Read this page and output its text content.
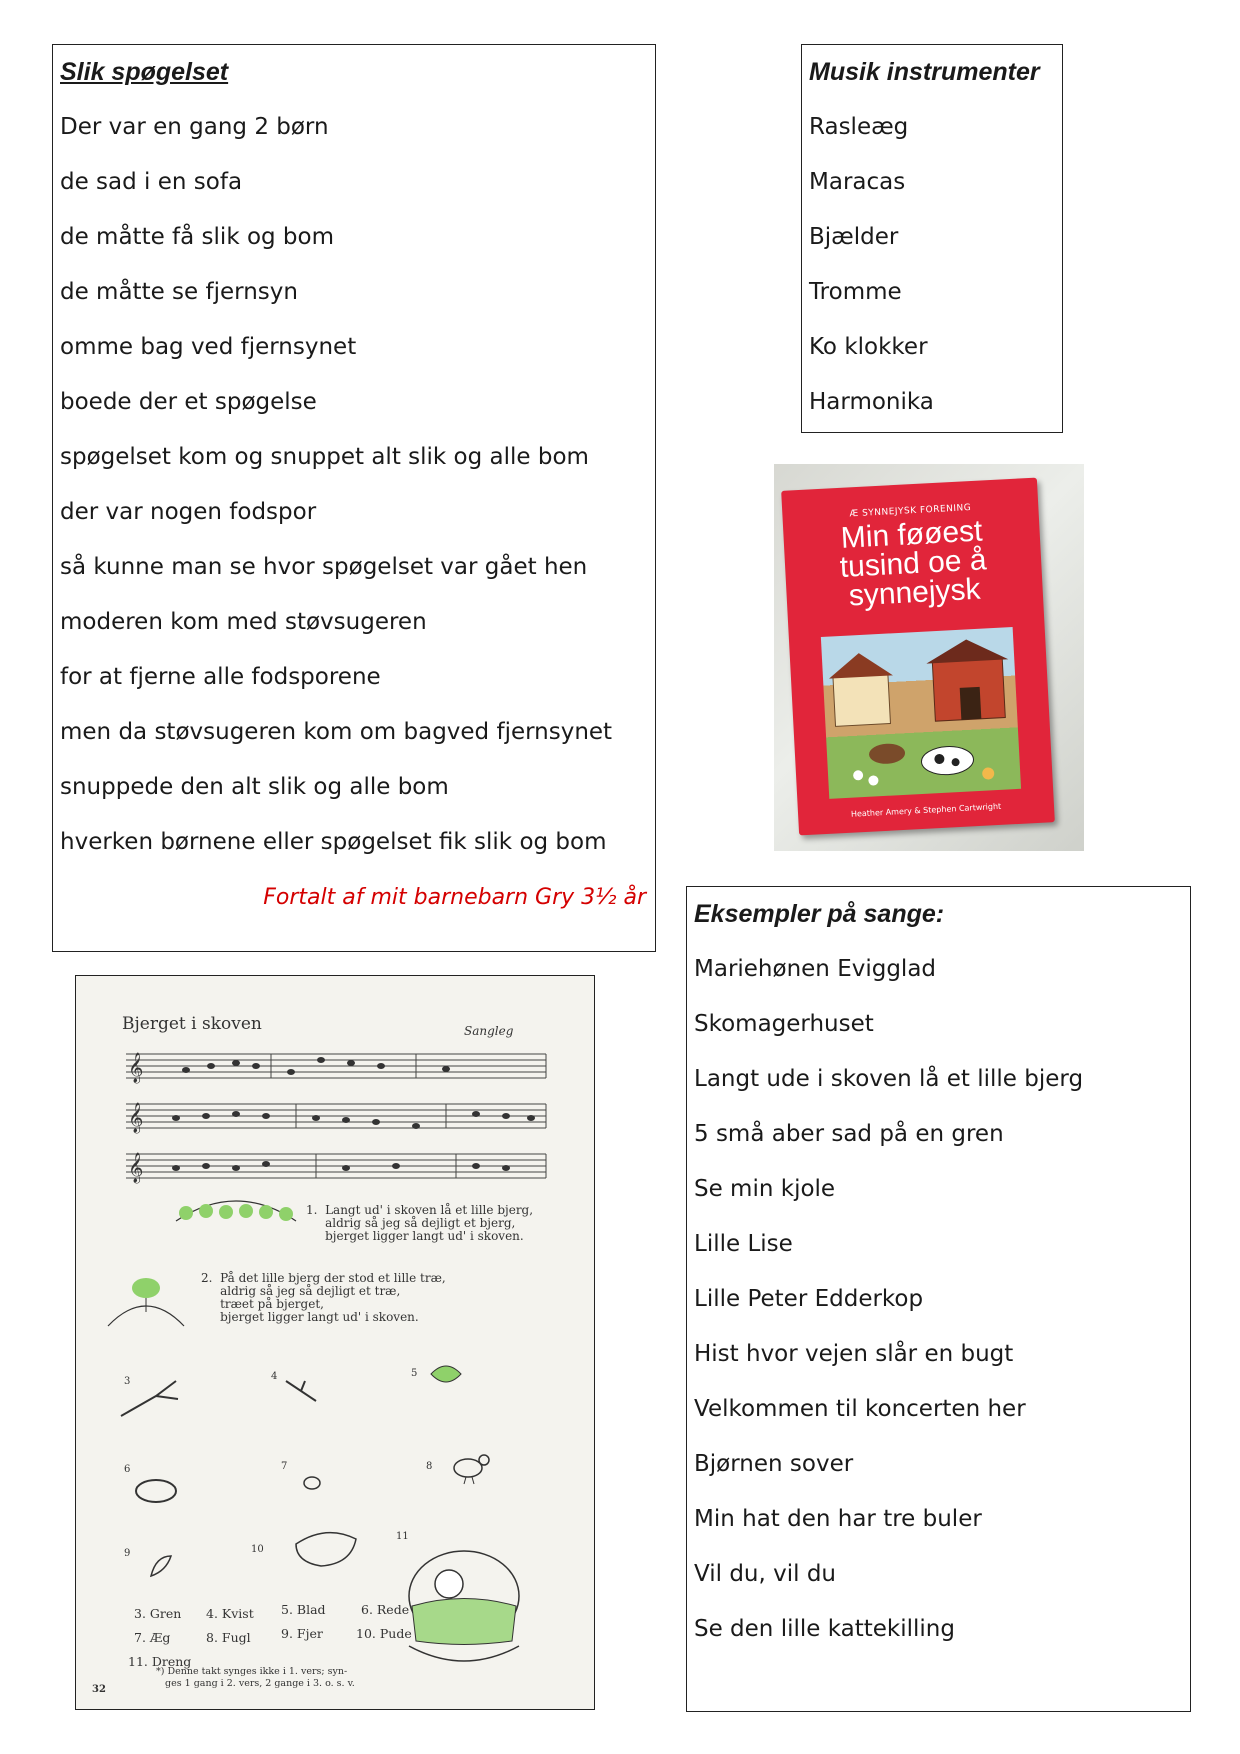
Slik spøgelset
Der var en gang 2 børn
de sad i en sofa
de måtte få slik og bom
de måtte se fjernsyn
omme bag ved fjernsynet
boede der et spøgelse
spøgelset kom og snuppet alt slik og alle bom
der var nogen fodspor
så kunne man se hvor spøgelset var gået hen
moderen kom med støvsugeren
for at fjerne alle fodsporene
men da støvsugeren kom om bagved fjernsynet
snuppede den alt slik og alle bom
hverken børnene eller spøgelset fik slik og bom
Fortalt af mit barnebarn Gry 3½ år
Musik instrumenter
Rasleæg
Maracas
Bjælder
Tromme
Ko klokker
Harmonika
Æ SYNNEJYSK FORENING
Min føøest
tusind oe å
synnejysk
Heather Amery & Stephen Cartwright
Eksempler på sange:
Mariehønen Evigglad
Skomagerhuset
Langt ude i skoven lå et lille bjerg
5 små aber sad på en gren
Se min kjole
Lille Lise
Lille Peter Edderkop
Hist hvor vejen slår en bugt
Velkommen til koncerten her
Bjørnen sover
Min hat den har tre buler
Vil du, vil du
Se den lille kattekilling
Bjerget i skoven	Sangleg
𝄞
𝄞
𝄞
1.  Langt ud' i skoven lå et lille bjerg,
aldrig så jeg så dejligt et bjerg,
bjerget ligger langt ud' i skoven.
2.  På det lille bjerg der stod et lille træ,
aldrig så jeg så dejligt et træ,
træet på bjerget,
bjerget ligger langt ud' i skoven.
3	4	5
6	7	8
9	10
11
3. Gren 4. Kvist 5. Blad	6. Rede
7. Æg	8. Fugl 9. Fjer	10. Pude
11. Dreng
*) Denne takt synges ikke i 1. vers; syn-
ges 1 gang i 2. vers, 2 gange i 3. o. s. v.
32
